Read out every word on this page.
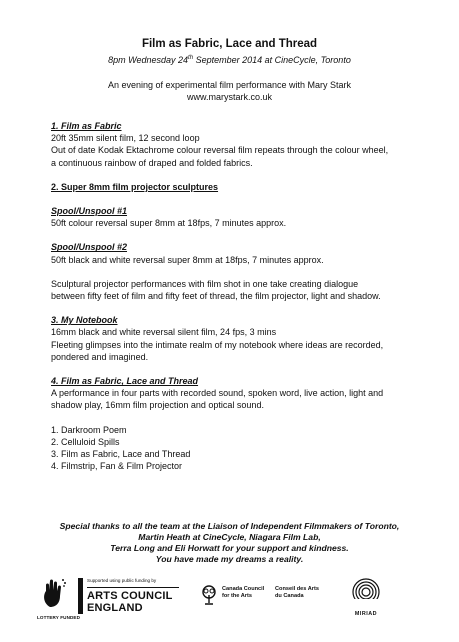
Film as Fabric, Lace and Thread
8pm Wednesday 24th September 2014 at CineCycle, Toronto
An evening of experimental film performance with Mary Stark
www.marystark.co.uk

1. Film as Fabric

20ft 35mm silent film, 12 second loop

Out of date Kodak Ektachrome colour reversal film repeats through the colour wheel,

a continuous rainbow of draped and folded fabrics.

2. Super 8mm film projector sculptures

Spool/Unspool #1

50ft colour reversal super 8mm at 18fps, 7 minutes approx.

Spool/Unspool #2

50ft black and white reversal super 8mm at 18fps, 7 minutes approx.

Sculptural projector performances with film shot in one take creating dialogue

between fifty feet of film and fifty feet of thread, the film projector, light and shadow.

3. My Notebook

16mm black and white reversal silent film, 24 fps, 3 mins

Fleeting glimpses into the intimate realm of my notebook where ideas are recorded,

pondered and imagined.

4. Film as Fabric, Lace and Thread

A performance in four parts with recorded sound, spoken word, live action, light and

shadow play, 16mm film projection and optical sound.

1. Darkroom Poem

2. Celluloid Spills

3. Film as Fabric, Lace and Thread

4. Filmstrip, Fan & Film Projector

Special thanks to all the team at the Liaison of Independent Filmmakers of Toronto,
Martin Heath at CineCycle, Niagara Film Lab,
Terra Long and Eli Horwatt for your support and kindness.
You have made my dreams a reality.
LOTTERY FUNDED
Supported using public funding by
ARTS COUNCIL
ENGLAND
Canada Council
for the Arts
Conseil des Arts
du Canada
MIRIAD
